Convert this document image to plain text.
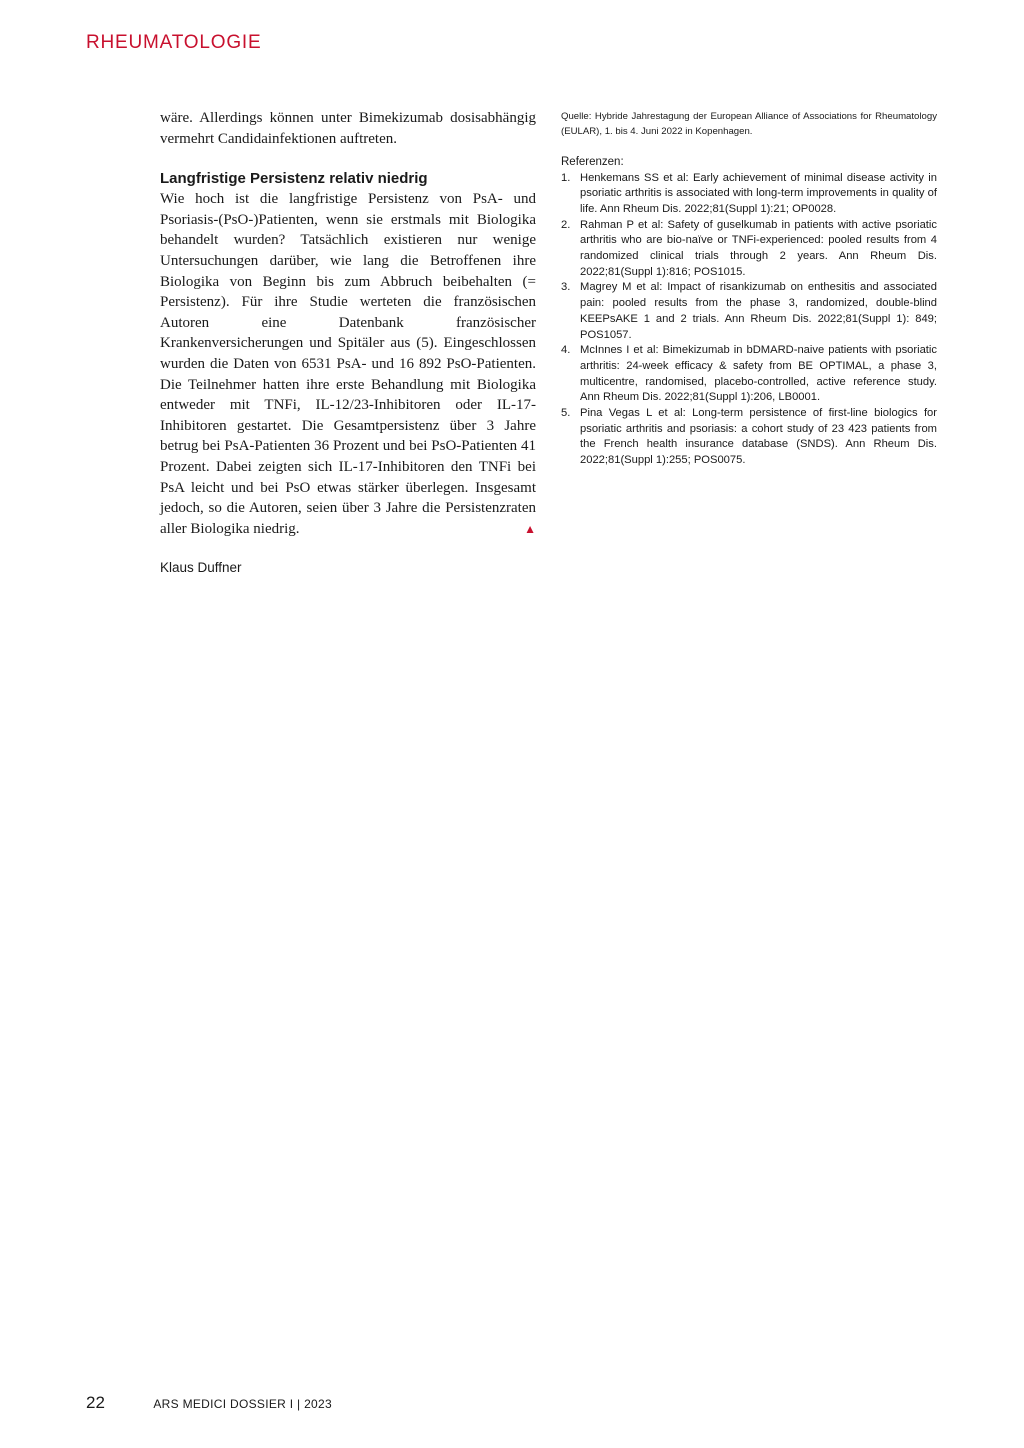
RHEUMATOLOGIE

wäre. Allerdings können unter Bimekizumab dosisabhängig vermehrt Candidainfektionen auftreten.

Langfristige Persistenz relativ niedrig

Wie hoch ist die langfristige Persistenz von PsA- und Psoriasis-(PsO-)Patienten, wenn sie erstmals mit Biologika behandelt wurden? Tatsächlich existieren nur wenige Untersuchungen darüber, wie lang die Betroffenen ihre Biologika von Beginn bis zum Abbruch beibehalten (= Persistenz). Für ihre Studie werteten die französischen Autoren eine Datenbank französischer Krankenversicherungen und Spitäler aus (5). Eingeschlossen wurden die Daten von 6531 PsA- und 16 892 PsO-Patienten. Die Teilnehmer hatten ihre erste Behandlung mit Biologika entweder mit TNFi, IL-12/23-Inhibitoren oder IL-17-Inhibitoren gestartet. Die Gesamtpersistenz über 3 Jahre betrug bei PsA-Patienten 36 Prozent und bei PsO-Patienten 41 Prozent. Dabei zeigten sich IL-17-Inhibitoren den TNFi bei PsA leicht und bei PsO etwas stärker überlegen. Insgesamt jedoch, so die Autoren, seien über 3 Jahre die Persistenzraten aller Biologika niedrig.	▲

Klaus Duffner

Quelle: Hybride Jahrestagung der European Alliance of Associations for Rheumatology (EULAR), 1. bis 4. Juni 2022 in Kopenhagen.

Referenzen:
1. Henkemans SS et al: Early achievement of minimal disease activity in psoriatic arthritis is associated with long-term improvements in quality of life. Ann Rheum Dis. 2022;81(Suppl 1):21; OP0028.
2. Rahman P et al: Safety of guselkumab in patients with active psoriatic arthritis who are bio-naïve or TNFi-experienced: pooled results from 4 randomized clinical trials through 2 years. Ann Rheum Dis. 2022;81(Suppl 1):816; POS1015.
3. Magrey M et al: Impact of risankizumab on enthesitis and associated pain: pooled results from the phase 3, randomized, double-blind KEEPsAKE 1 and 2 trials. Ann Rheum Dis. 2022;81(Suppl 1): 849; POS1057.
4. McInnes I et al: Bimekizumab in bDMARD-naive patients with psoriatic arthritis: 24-week efficacy & safety from BE OPTIMAL, a phase 3, multicentre, randomised, placebo-controlled, active reference study. Ann Rheum Dis. 2022;81(Suppl 1):206, LB0001.
5. Pina Vegas L et al: Long-term persistence of first-line biologics for psoriatic arthritis and psoriasis: a cohort study of 23 423 patients from the French health insurance database (SNDS). Ann Rheum Dis. 2022;81(Suppl 1):255; POS0075.
22	ARS MEDICI DOSSIER I | 2023
